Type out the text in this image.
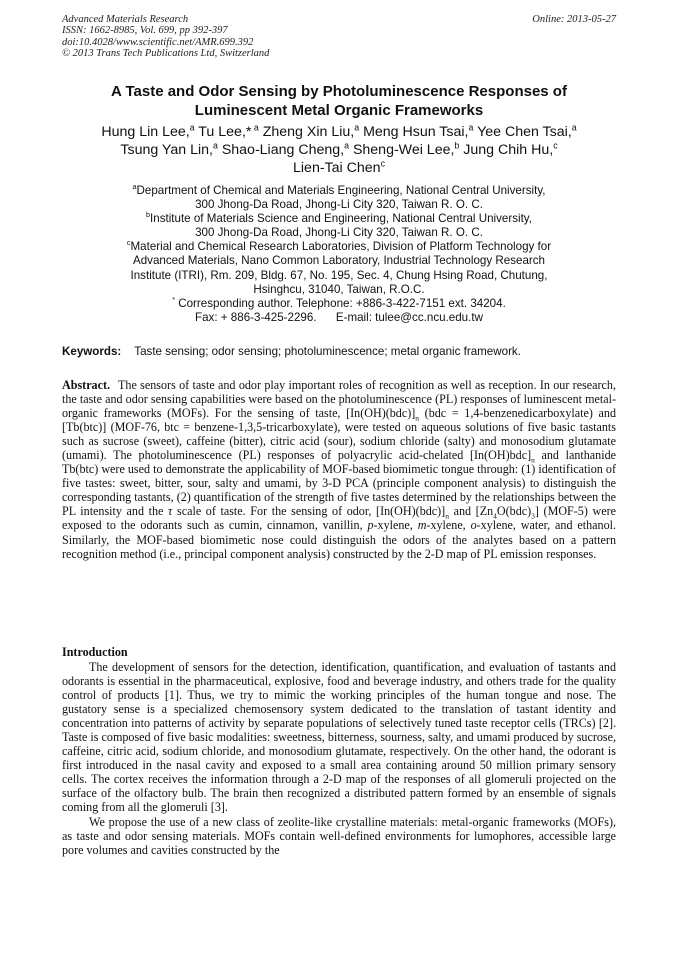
Advanced Materials Research
ISSN: 1662-8985, Vol. 699, pp 392-397
doi:10.4028/www.scientific.net/AMR.699.392
© 2013 Trans Tech Publications Ltd, Switzerland
Online: 2013-05-27
A Taste and Odor Sensing by Photoluminescence Responses of
Luminescent Metal Organic Frameworks
Hung Lin Lee,$^a$ Tu Lee,* $^a$ Zheng Xin Liu,$^a$ Meng Hsun Tsai,$^a$ Yee Chen Tsai,$^a$
Tsung Yan Lin,$^a$ Shao-Liang Cheng,$^a$ Sheng-Wei Lee,$^b$ Jung Chih Hu,$^c$
Lien-Tai Chen$^c$

$^a$Department of Chemical and Materials Engineering, National Central University,

300 Jhong-Da Road, Jhong-Li City 320, Taiwan R. O. C.

$^b$Institute of Materials Science and Engineering, National Central University,

300 Jhong-Da Road, Jhong-Li City 320, Taiwan R. O. C.

$^c$Material and Chemical Research Laboratories, Division of Platform Technology for

Advanced Materials, Nano Common Laboratory, Industrial Technology Research

Institute (ITRI), Rm. 209, Bldg. 67, No. 195, Sec. 4, Chung Hsing Road, Chutung,

Hsinghcu, 31040, Taiwan, R.O.C.

* Corresponding author. Telephone: +886-3-422-7151 ext. 34204.

Fax: + 886-3-425-2296.      E-mail: tulee@cc.ncu.edu.tw

Keywords: Taste sensing; odor sensing; photoluminescence; metal organic framework.
Abstract. The sensors of taste and odor play important roles of recognition as well as reception. In our research, the taste and odor sensing capabilities were based on the photoluminescence (PL) responses of luminescent metal-organic frameworks (MOFs). For the sensing of taste, $[In(OH)(bdc)]_n$ (bdc = 1,4-benzenedicarboxylate) and [Tb(btc)] (MOF-76, btc = benzene-1,3,5-tricarboxylate), were tested on aqueous solutions of five basic tastants such as sucrose (sweet), caffeine (bitter), citric acid (sour), sodium chloride (salty) and monosodium glutamate (umami). The photoluminescence (PL) responses of polyacrylic acid-chelated $[In(OH)bdc]_n$ and lanthanide Tb(btc) were used to demonstrate the applicability of MOF-based biomimetic tongue through: (1) identification of five tastes: sweet, bitter, sour, salty and umami, by 3-D PCA (principle component analysis) to distinguish the corresponding tastants, (2) quantification of the strength of five tastes determined by the relationships between the PL intensity and the τ scale of taste. For the sensing of odor, $[In(OH)(bdc)]_n$ and $[Zn_4O(bdc)_3]$ (MOF-5) were exposed to the odorants such as cumin, cinnamon, vanillin, p-xylene, m-xylene, o-xylene, water, and ethanol. Similarly, the MOF-based biomimetic nose could distinguish the odors of the analytes based on a pattern recognition method (i.e., principal component analysis) constructed by the 2-D map of PL emission responses.
Introduction

The development of sensors for the detection, identification, quantification, and evaluation of tastants and odorants is essential in the pharmaceutical, explosive, food and beverage industry, and others trade for the quality control of products [1]. Thus, we try to mimic the working principles of the human tongue and nose. The gustatory sense is a specialized chemosensory system dedicated to the translation of tastant identity and concentration into patterns of activity by separate populations of selectively tuned taste receptor cells (TRCs) [2]. Taste is composed of five basic modalities: sweetness, bitterness, sourness, salty, and umami produced by sucrose, caffeine, citric acid, sodium chloride, and monosodium glutamate, respectively. On the other hand, the odorant is first introduced in the nasal cavity and exposed to a small area containing around 50 million primary sensory cells. The cortex receives the information through a 2-D map of the responses of all glomeruli projected on the surface of the olfactory bulb. The brain then recognized a distributed pattern formed by an ensemble of signals coming from all the glomeruli [3].

We propose the use of a new class of zeolite-like crystalline materials: metal-organic frameworks (MOFs), as taste and odor sensing materials. MOFs contain well-defined environments for lumophores, accessible large pore volumes and cavities constructed by the
